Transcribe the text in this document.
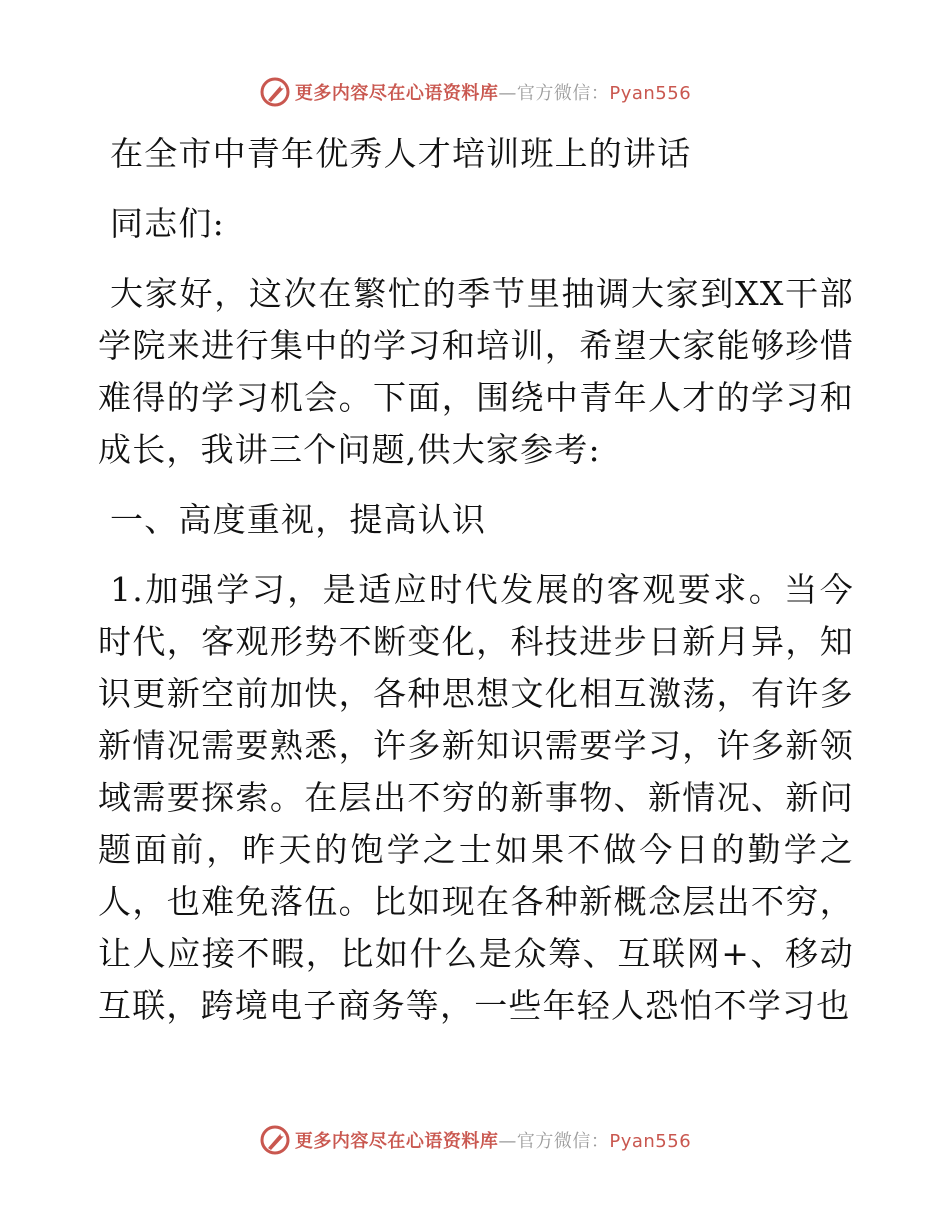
更多内容尽在心语资料库—官方微信：Pyan556

在全市中青年优秀人才培训班上的讲话

同志们:

大家好，这次在繁忙的季节里抽调大家到XX干部学院来进行集中的学习和培训，希望大家能够珍惜难得的学习机会。下面，围绕中青年人才的学习和成长，我讲三个问题,供大家参考:

一、高度重视，提高认识

1.加强学习，是适应时代发展的客观要求。当今时代，客观形势不断变化，科技进步日新月异，知识更新空前加快，各种思想文化相互激荡，有许多新情况需要熟悉，许多新知识需要学习，许多新领域需要探索。在层出不穷的新事物、新情况、新问题面前，昨天的饱学之士如果不做今日的勤学之人，也难免落伍。比如现在各种新概念层出不穷，让人应接不暇，比如什么是众筹、互联网+、移动互联，跨境电子商务等，一些年轻人恐怕不学习也

更多内容尽在心语资料库—官方微信：Pyan556
